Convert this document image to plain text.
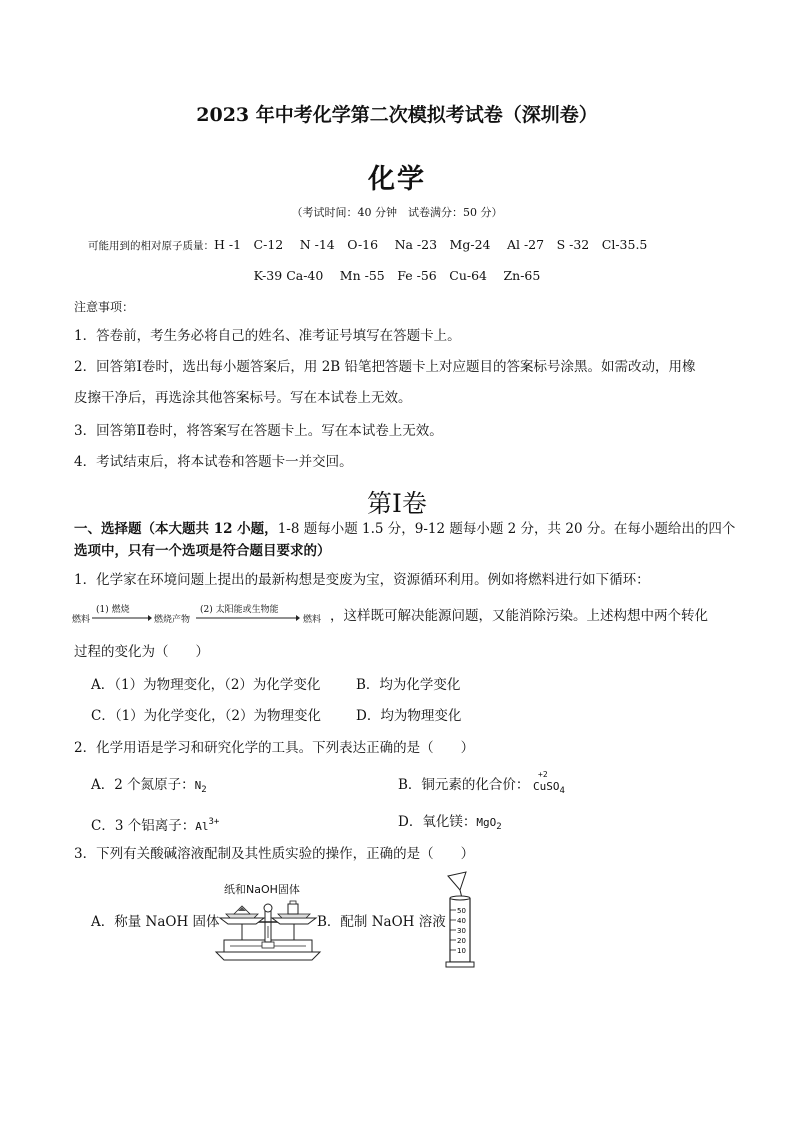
2023 年中考化学第二次模拟考试卷（深圳卷）
化学
（考试时间：40 分钟　试卷满分：50 分）
可能用到的相对原子质量：H -1　C-12　 N -14　O-16　 Na -23　Mg-24　 Al -27　S -32　Cl-35.5
K-39 Ca-40　 Mn -55　Fe -56　Cu-64　 Zn-65
注意事项：
1．答卷前，考生务必将自己的姓名、准考证号填写在答题卡上。
2．回答第Ⅰ卷时，选出每小题答案后，用 2B 铅笔把答题卡上对应题目的答案标号涂黑。如需改动，用橡
皮擦干净后，再选涂其他答案标号。写在本试卷上无效。
3．回答第Ⅱ卷时，将答案写在答题卡上。写在本试卷上无效。
4．考试结束后，将本试卷和答题卡一并交回。
第Ⅰ卷
一、选择题（本大题共 12 小题，1-8 题每小题 1.5 分，9-12 题每小题 2 分，共 20 分。在每小题给出的四个
选项中，只有一个选项是符合题目要求的）
1．化学家在环境问题上提出的最新构想是变废为宝，资源循环利用。例如将燃料进行如下循环：
燃料
(1) 燃烧
燃烧产物
(2) 太阳能或生物能
燃料 ，这样既可解决能源问题，又能消除污染。上述构想中两个转化
过程的变化为（　　）
A．（1）为物理变化，（2）为化学变化	B．均为化学变化
C．（1）为化学变化，（2）为物理变化	D．均为物理变化
2．化学用语是学习和研究化学的工具。下列表达正确的是（　　）
A．2 个氮原子：$N_2$	B．铜元素的化合价：
+2
CuSO$_4$
C．3 个铝离子：$Al^{3+}$	D．氧化镁：MgO$_2$
3．下列有关酸碱溶液配制及其性质实验的操作，正确的是（　　）
纸和NaOH固体
A．称量 NaOH 固体	B．配制 NaOH 溶液
50
40
30
20
10
